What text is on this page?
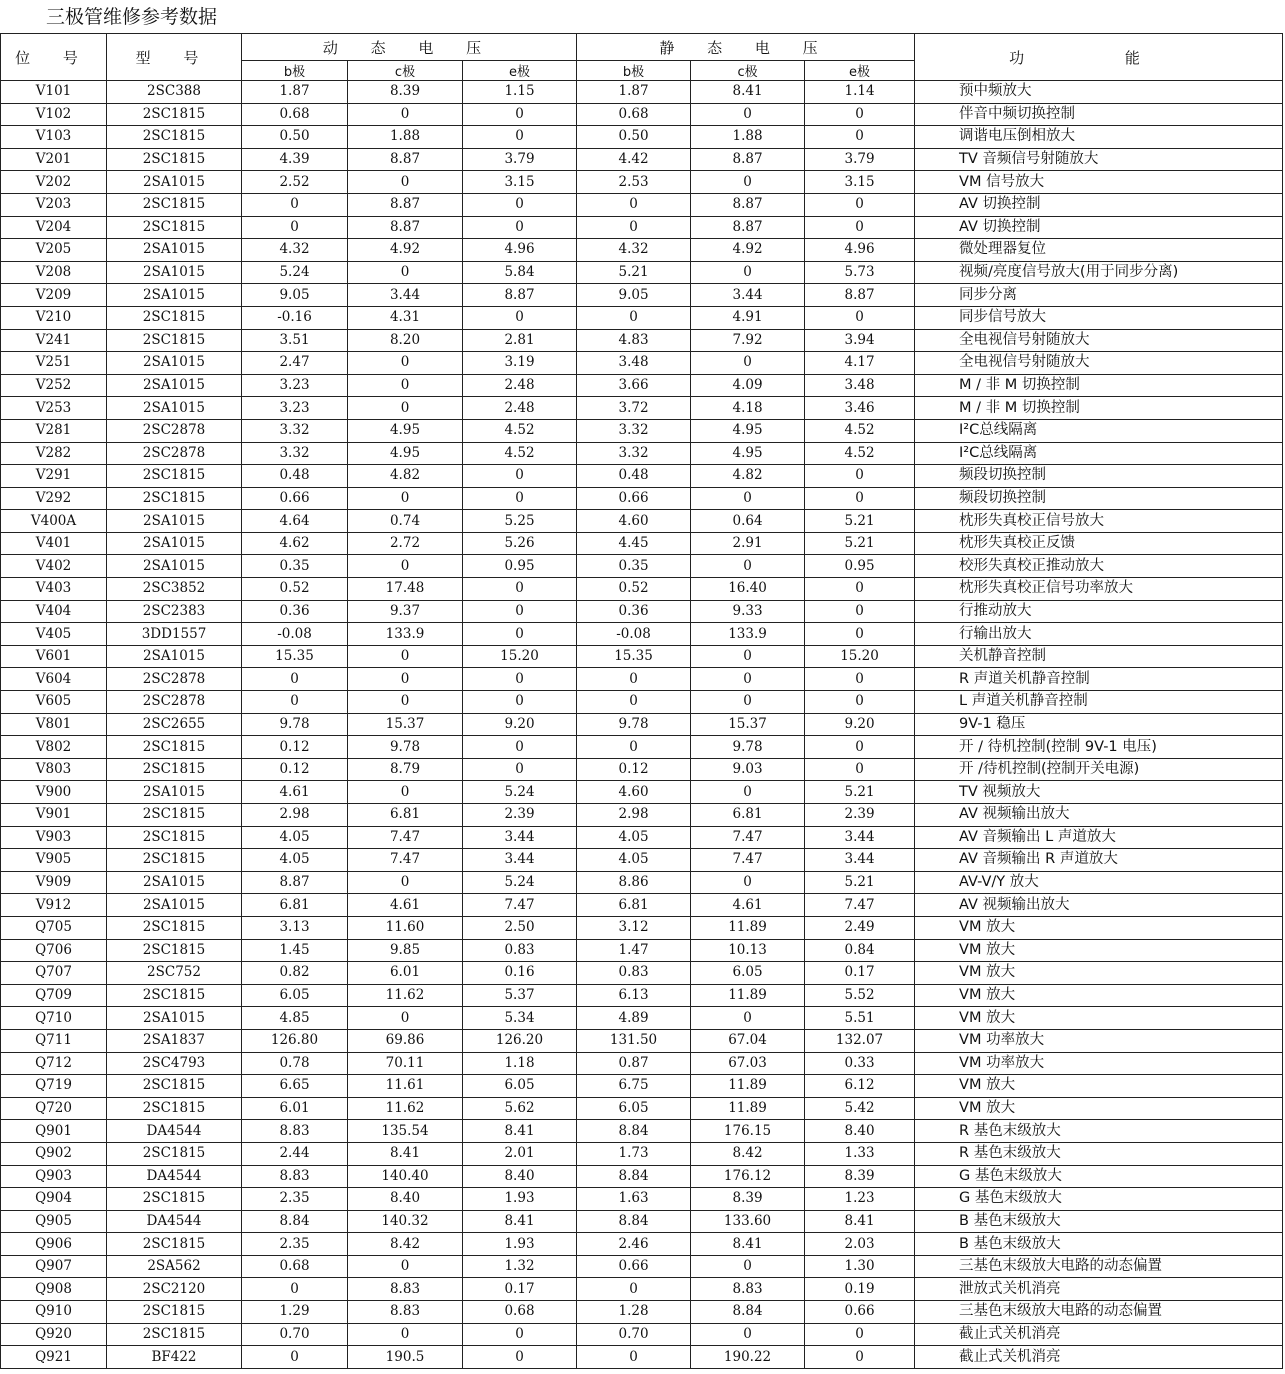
三极管维修参考数据
位 号	型 号	动 态 电 压			静 态 电 压			功 能
		b极	c极	e极	b极	c极	e极	
V101	2SC388	1.87	8.39	1.15	1.87	8.41	1.14	预中频放大
V102	2SC1815	0.68	0	0	0.68	0	0	伴音中频切换控制
V103	2SC1815	0.50	1.88	0	0.50	1.88	0	调谐电压倒相放大
V201	2SC1815	4.39	8.87	3.79	4.42	8.87	3.79	TV 音频信号射随放大
V202	2SA1015	2.52	0	3.15	2.53	0	3.15	VM 信号放大
V203	2SC1815	0	8.87	0	0	8.87	0	AV 切换控制
V204	2SC1815	0	8.87	0	0	8.87	0	AV 切换控制
V205	2SA1015	4.32	4.92	4.96	4.32	4.92	4.96	微处理器复位
V208	2SA1015	5.24	0	5.84	5.21	0	5.73	视频/亮度信号放大(用于同步分离)
V209	2SA1015	9.05	3.44	8.87	9.05	3.44	8.87	同步分离
V210	2SC1815	-0.16	4.31	0	0	4.91	0	同步信号放大
V241	2SC1815	3.51	8.20	2.81	4.83	7.92	3.94	全电视信号射随放大
V251	2SA1015	2.47	0	3.19	3.48	0	4.17	全电视信号射随放大
V252	2SA1015	3.23	0	2.48	3.66	4.09	3.48	M / 非 M 切换控制
V253	2SA1015	3.23	0	2.48	3.72	4.18	3.46	M / 非 M 切换控制
V281	2SC2878	3.32	4.95	4.52	3.32	4.95	4.52	I²C总线隔离
V282	2SC2878	3.32	4.95	4.52	3.32	4.95	4.52	I²C总线隔离
V291	2SC1815	0.48	4.82	0	0.48	4.82	0	频段切换控制
V292	2SC1815	0.66	0	0	0.66	0	0	频段切换控制
V400A	2SA1015	4.64	0.74	5.25	4.60	0.64	5.21	枕形失真校正信号放大
V401	2SA1015	4.62	2.72	5.26	4.45	2.91	5.21	枕形失真校正反馈
V402	2SA1015	0.35	0	0.95	0.35	0	0.95	校形失真校正推动放大
V403	2SC3852	0.52	17.48	0	0.52	16.40	0	枕形失真校正信号功率放大
V404	2SC2383	0.36	9.37	0	0.36	9.33	0	行推动放大
V405	3DD1557	-0.08	133.9	0	-0.08	133.9	0	行输出放大
V601	2SA1015	15.35	0	15.20	15.35	0	15.20	关机静音控制
V604	2SC2878	0	0	0	0	0	0	R 声道关机静音控制
V605	2SC2878	0	0	0	0	0	0	L 声道关机静音控制
V801	2SC2655	9.78	15.37	9.20	9.78	15.37	9.20	9V-1 稳压
V802	2SC1815	0.12	9.78	0	0	9.78	0	开 / 待机控制(控制 9V-1 电压)
V803	2SC1815	0.12	8.79	0	0.12	9.03	0	开 /待机控制(控制开关电源)
V900	2SA1015	4.61	0	5.24	4.60	0	5.21	TV 视频放大
V901	2SC1815	2.98	6.81	2.39	2.98	6.81	2.39	AV 视频输出放大
V903	2SC1815	4.05	7.47	3.44	4.05	7.47	3.44	AV 音频输出 L 声道放大
V905	2SC1815	4.05	7.47	3.44	4.05	7.47	3.44	AV 音频输出 R 声道放大
V909	2SA1015	8.87	0	5.24	8.86	0	5.21	AV-V/Y 放大
V912	2SA1015	6.81	4.61	7.47	6.81	4.61	7.47	AV 视频输出放大
Q705	2SC1815	3.13	11.60	2.50	3.12	11.89	2.49	VM 放大
Q706	2SC1815	1.45	9.85	0.83	1.47	10.13	0.84	VM 放大
Q707	2SC752	0.82	6.01	0.16	0.83	6.05	0.17	VM 放大
Q709	2SC1815	6.05	11.62	5.37	6.13	11.89	5.52	VM 放大
Q710	2SA1015	4.85	0	5.34	4.89	0	5.51	VM 放大
Q711	2SA1837	126.80	69.86	126.20	131.50	67.04	132.07	VM 功率放大
Q712	2SC4793	0.78	70.11	1.18	0.87	67.03	0.33	VM 功率放大
Q719	2SC1815	6.65	11.61	6.05	6.75	11.89	6.12	VM 放大
Q720	2SC1815	6.01	11.62	5.62	6.05	11.89	5.42	VM 放大
Q901	DA4544	8.83	135.54	8.41	8.84	176.15	8.40	R 基色末级放大
Q902	2SC1815	2.44	8.41	2.01	1.73	8.42	1.33	R 基色末级放大
Q903	DA4544	8.83	140.40	8.40	8.84	176.12	8.39	G 基色末级放大
Q904	2SC1815	2.35	8.40	1.93	1.63	8.39	1.23	G 基色末级放大
Q905	DA4544	8.84	140.32	8.41	8.84	133.60	8.41	B 基色末级放大
Q906	2SC1815	2.35	8.42	1.93	2.46	8.41	2.03	B 基色末级放大
Q907	2SA562	0.68	0	1.32	0.66	0	1.30	三基色末级放大电路的动态偏置
Q908	2SC2120	0	8.83	0.17	0	8.83	0.19	泄放式关机消亮
Q910	2SC1815	1.29	8.83	0.68	1.28	8.84	0.66	三基色末级放大电路的动态偏置
Q920	2SC1815	0.70	0	0	0.70	0	0	截止式关机消亮
Q921	BF422	0	190.5	0	0	190.22	0	截止式关机消亮
